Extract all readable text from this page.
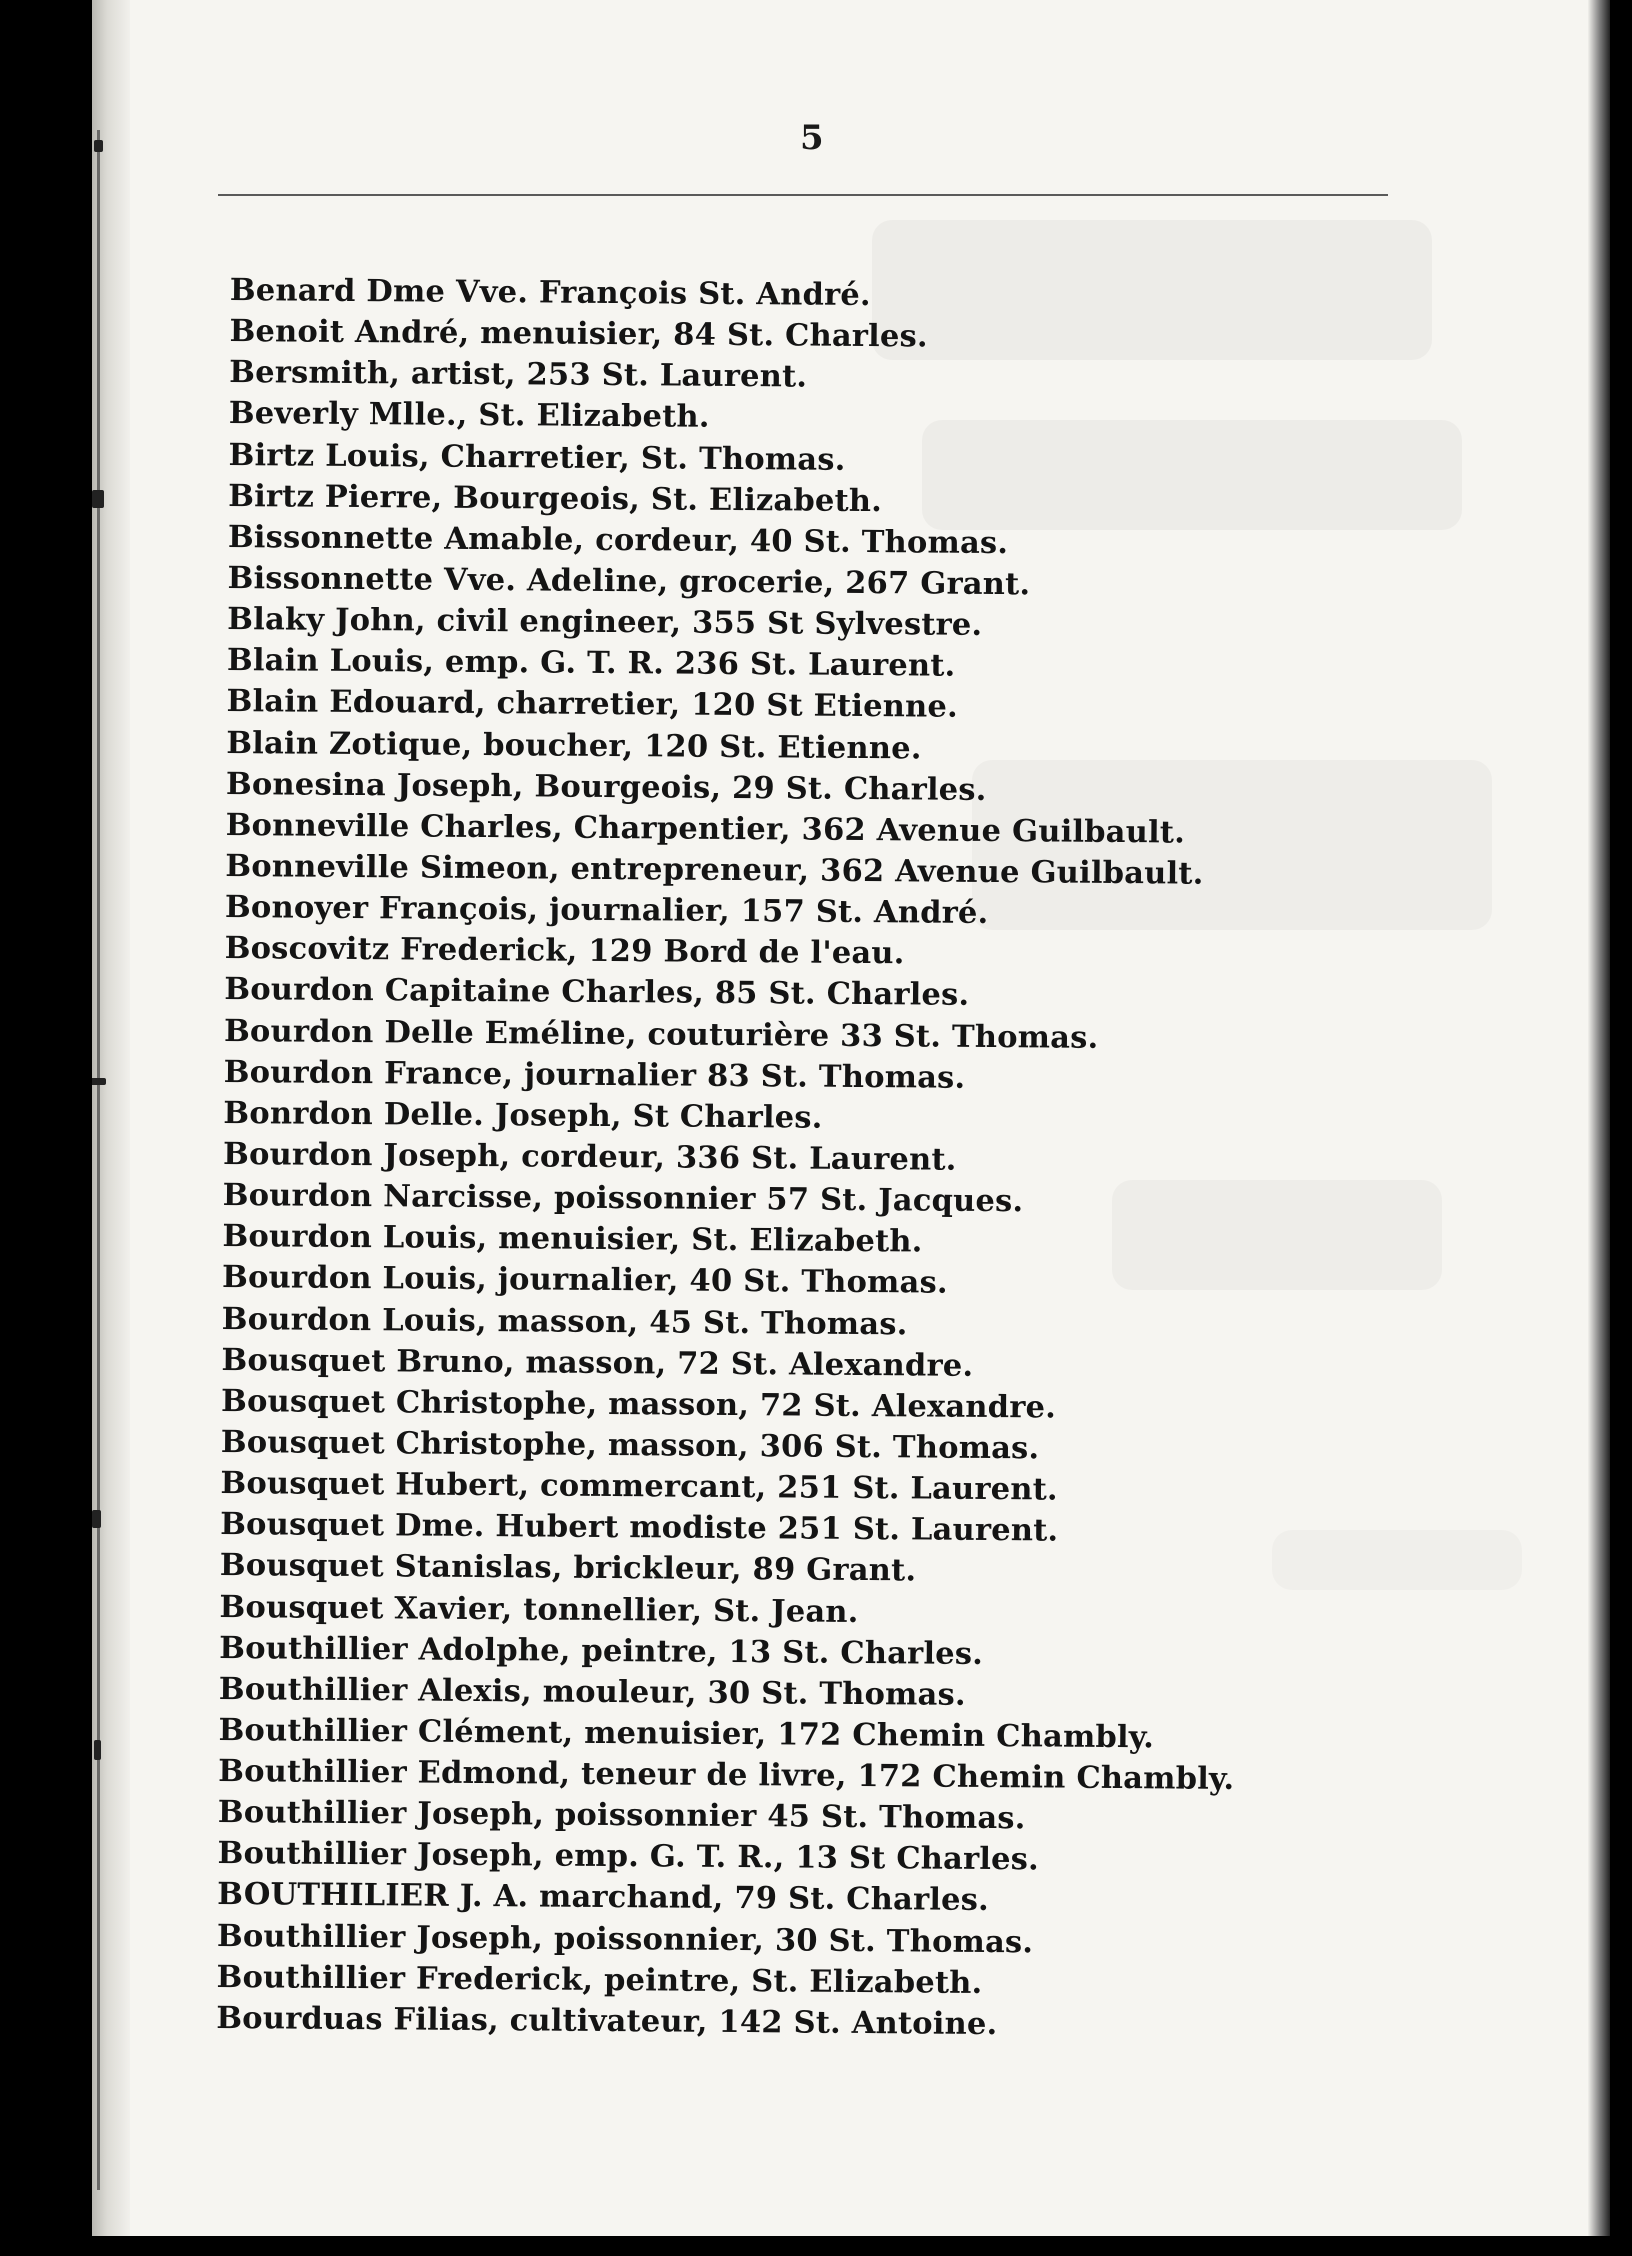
5
Benard Dme Vve. François St. André.
Benoit André, menuisier, 84 St. Charles.
Bersmith, artist, 253 St. Laurent.
Beverly Mlle., St. Elizabeth.
Birtz Louis, Charretier, St. Thomas.
Birtz Pierre, Bourgeois, St. Elizabeth.
Bissonnette Amable, cordeur, 40 St. Thomas.
Bissonnette Vve. Adeline, grocerie, 267 Grant.
Blaky John, civil engineer, 355 St Sylvestre.
Blain Louis, emp. G. T. R. 236 St. Laurent.
Blain Edouard, charretier, 120 St Etienne.
Blain Zotique, boucher, 120 St. Etienne.
Bonesina Joseph, Bourgeois, 29 St. Charles.
Bonneville Charles, Charpentier, 362 Avenue Guilbault.
Bonneville Simeon, entrepreneur, 362 Avenue Guilbault.
Bonoyer François, journalier, 157 St. André.
Boscovitz Frederick, 129 Bord de l'eau.
Bourdon Capitaine Charles, 85 St. Charles.
Bourdon Delle Eméline, couturière 33 St. Thomas.
Bourdon France, journalier 83 St. Thomas.
Bonrdon Delle. Joseph, St Charles.
Bourdon Joseph, cordeur, 336 St. Laurent.
Bourdon Narcisse, poissonnier 57 St. Jacques.
Bourdon Louis, menuisier, St. Elizabeth.
Bourdon Louis, journalier, 40 St. Thomas.
Bourdon Louis, masson, 45 St. Thomas.
Bousquet Bruno, masson, 72 St. Alexandre.
Bousquet Christophe, masson, 72 St. Alexandre.
Bousquet Christophe, masson, 306 St. Thomas.
Bousquet Hubert, commercant, 251 St. Laurent.
Bousquet Dme. Hubert modiste 251 St. Laurent.
Bousquet Stanislas, brickleur, 89 Grant.
Bousquet Xavier, tonnellier, St. Jean.
Bouthillier Adolphe, peintre, 13 St. Charles.
Bouthillier Alexis, mouleur, 30 St. Thomas.
Bouthillier Clément, menuisier, 172 Chemin Chambly.
Bouthillier Edmond, teneur de livre, 172 Chemin Chambly.
Bouthillier Joseph, poissonnier 45 St. Thomas.
Bouthillier Joseph, emp. G. T. R., 13 St Charles.
BOUTHILIER J. A. marchand, 79 St. Charles.
Bouthillier Joseph, poissonnier, 30 St. Thomas.
Bouthillier Frederick, peintre, St. Elizabeth.
Bourduas Filias, cultivateur, 142 St. Antoine.
